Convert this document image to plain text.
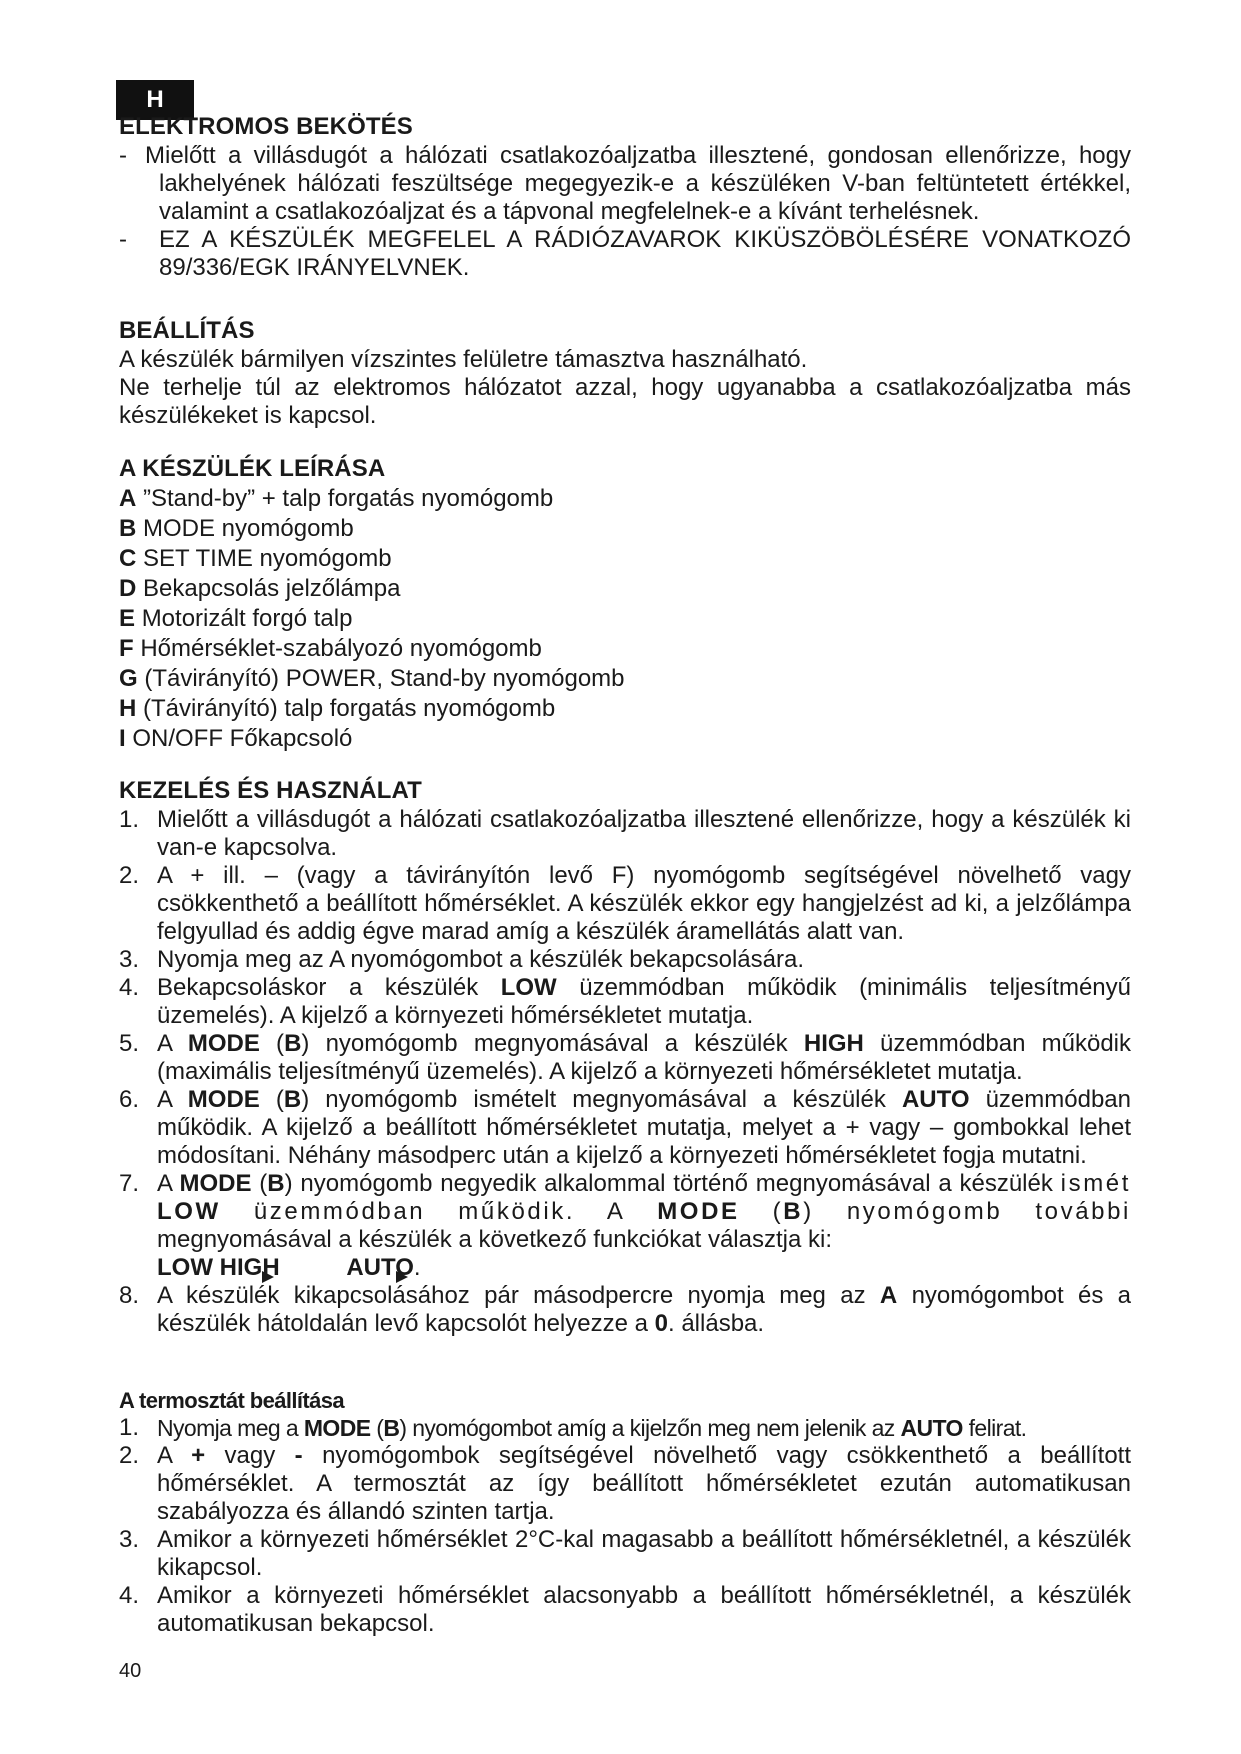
H
ELEKTROMOS BEKÖTÉS
- Mielőtt a villásdugót a hálózati csatlakozóaljzatba illesztené, gondosan ellenőrizze, hogy lakhelyének hálózati feszültsége megegyezik-e a készüléken V-ban feltüntetett értékkel, valamint a csatlakozóaljzat és a tápvonal megfelelnek-e a kívánt terhelésnek.
-	EZ A KÉSZÜLÉK MEGFELEL A RÁDIÓZAVAROK KIKÜSZÖBÖLÉSÉRE VONATKOZÓ 89/336/EGK IRÁNYELVNEK.
BEÁLLÍTÁS

A készülék bármilyen vízszintes felületre támasztva használható.

Ne terhelje túl az elektromos hálózatot azzal, hogy ugyanabba a csatlakozóaljzatba más készülékeket is kapcsol.

A KÉSZÜLÉK LEÍRÁSA
A ”Stand-by” + talp forgatás nyomógomb
B MODE nyomógomb
C SET TIME nyomógomb
D Bekapcsolás jelzőlámpa
E Motorizált forgó talp
F Hőmérséklet-szabályozó nyomógomb
G (Távirányító) POWER, Stand-by nyomógomb
H (Távirányító) talp forgatás nyomógomb
I ON/OFF Főkapcsoló
KEZELÉS ÉS HASZNÁLAT
1. Mielőtt a villásdugót a hálózati csatlakozóaljzatba illesztené ellenőrizze, hogy a készülék ki van-e kapcsolva.
2. A + ill. – (vagy a távirányítón levő F) nyomógomb segítségével növelhető vagy csökkenthető a beállított hőmérséklet. A készülék ekkor egy hangjelzést ad ki, a jelzőlámpa felgyullad és addig égve marad amíg a készülék áramellátás alatt van.
3. Nyomja meg az A nyomógombot a készülék bekapcsolására.
4. Bekapcsoláskor a készülék LOW üzemmódban működik (minimális teljesítményű üzemelés). A kijelző a környezeti hőmérsékletet mutatja.
5. A MODE (B) nyomógomb megnyomásával a készülék HIGH üzemmódban működik (maximális teljesítményű üzemelés). A kijelző a környezeti hőmérsékletet mutatja.
6. A MODE (B) nyomógomb ismételt megnyomásával a készülék AUTO üzemmódban működik. A kijelző a beállított hőmérsékletet mutatja, melyet a + vagy – gombokkal lehet módosítani. Néhány másodperc után a kijelző a környezeti hőmérsékletet fogja mutatni.
7. A MODE (B) nyomógomb negyedik alkalommal történő megnyomásával a készülék ismét LOW üzemmódban működik. A MODE (B) nyomógomb további megnyomásával a készülék a következő funkciókat választja ki:
LOW HIGH	AUTO.
8. A készülék kikapcsolásához pár másodpercre nyomja meg az A nyomógombot és a készülék hátoldalán levő kapcsolót helyezze a 0. állásba.
A termosztát beállítása
1. Nyomja meg a MODE (B) nyomógombot amíg a kijelzőn meg nem jelenik az AUTO felirat.
2. A + vagy - nyomógombok segítségével növelhető vagy csökkenthető a beállított hőmérséklet. A termosztát az így beállított hőmérsékletet ezután automatikusan szabályozza és állandó szinten tartja.
3. Amikor a környezeti hőmérséklet 2°C-kal magasabb a beállított hőmérsékletnél, a készülék kikapcsol.
4. Amikor a környezeti hőmérséklet alacsonyabb a beállított hőmérsékletnél, a készülék automatikusan bekapcsol.
40
